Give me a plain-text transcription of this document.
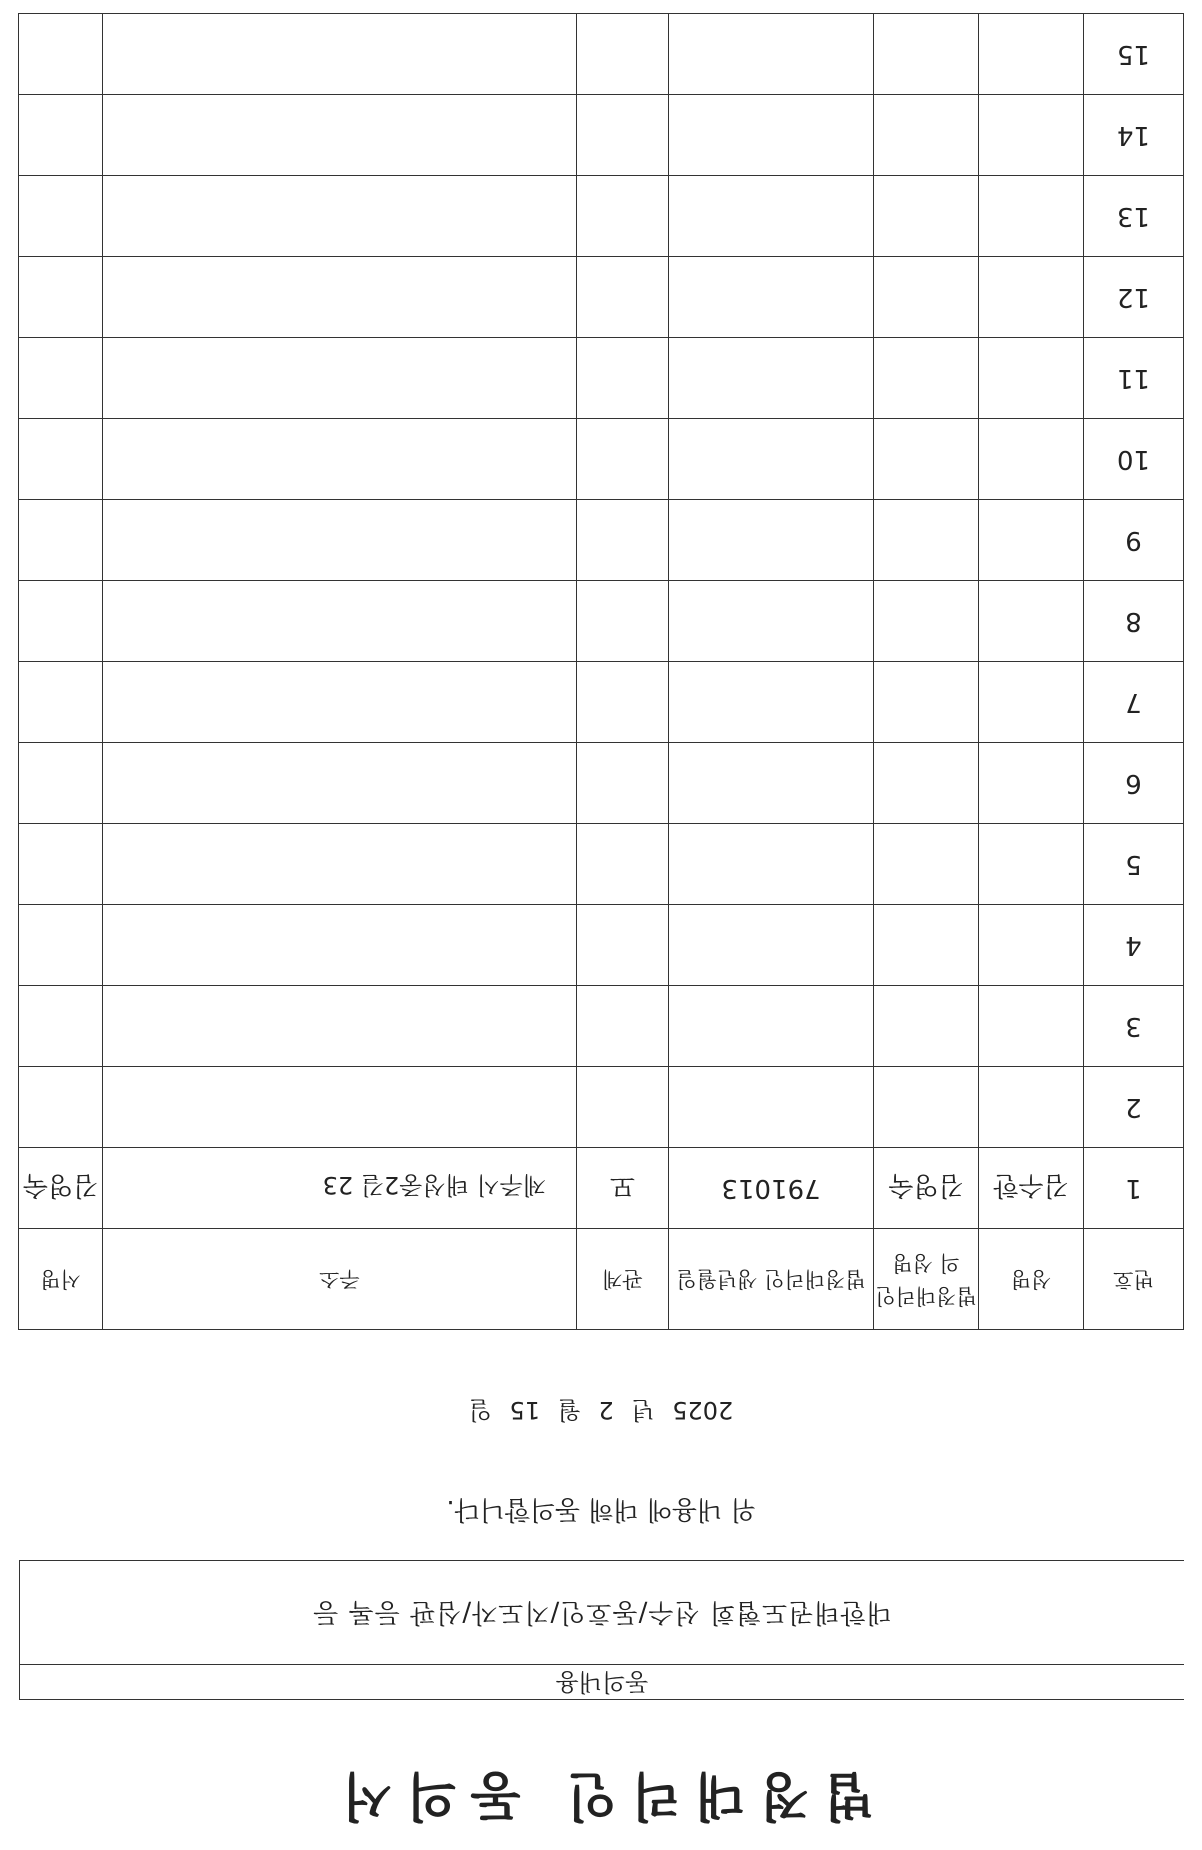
법정대리인 동의서
동의내용
대한태권도협회 선수/동호인/지도자/심판 등록 등
위 내용에 대해 동의합니다.
2025 년 2 월 15 일
번호	성명	법정대리인 의 성명	법정대리인 생년월일	관계	주소	서명
1	김수한	김영숙	791013	모	제주시 태성중2길 23	김영숙
2						
3						
4						
5						
6						
7						
8						
9						
10						
11						
12						
13						
14						
15						
